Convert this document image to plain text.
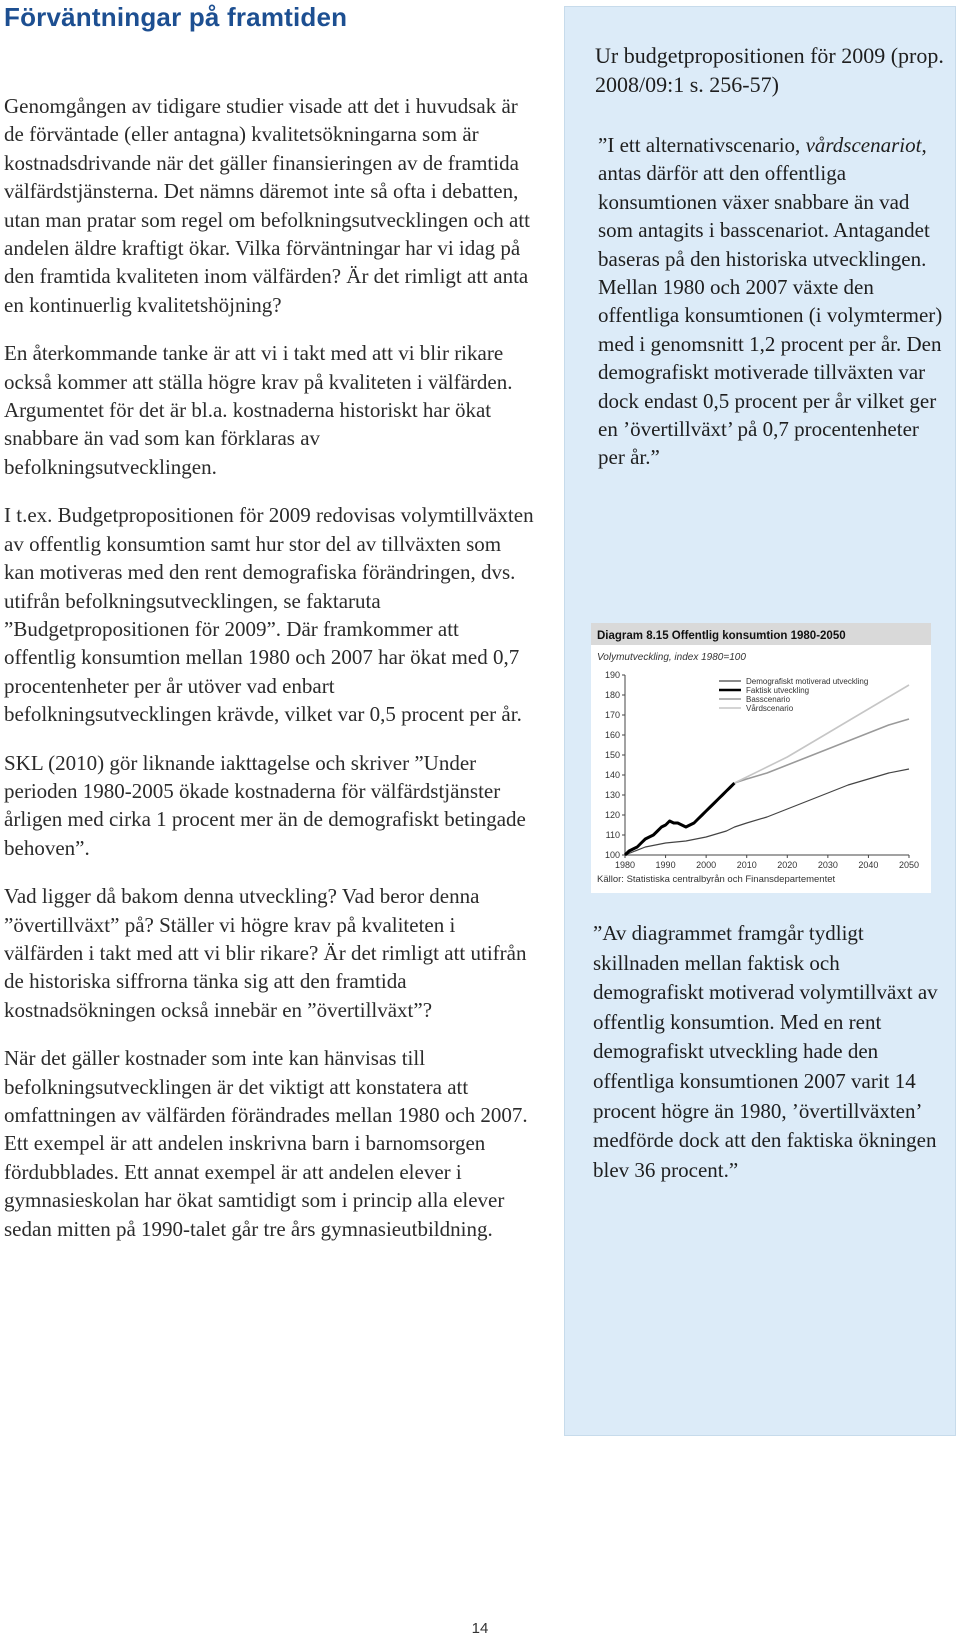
Förväntningar på framtiden

Genomgången av tidigare studier visade att det i huvudsak är de förväntade (eller antagna) kvalitetsökningarna som är kostnadsdrivande när det gäller finansieringen av de framtida välfärdstjänsterna. Det nämns däremot inte så ofta i debatten, utan man pratar som regel om befolkningsutvecklingen och att andelen äldre kraftigt ökar. Vilka förväntningar har vi idag på den framtida kvaliteten inom välfärden? Är det rimligt att anta en kontinuerlig kvalitetshöjning?

En återkommande tanke är att vi i takt med att vi blir rikare också kommer att ställa högre krav på kvaliteten i välfärden. Argumentet för det är bl.a. kostnaderna historiskt har ökat snabbare än vad som kan förklaras av befolkningsutvecklingen.

I t.ex. Budgetpropositionen för 2009 redovisas volymtillväxten av offentlig konsumtion samt hur stor del av tillväxten som kan motiveras med den rent demografiska förändringen, dvs. utifrån befolkningsutvecklingen, se faktaruta ”Budgetpropositionen för 2009”. Där framkommer att offentlig konsumtion mellan 1980 och 2007 har ökat med 0,7 procentenheter per år utöver vad enbart befolkningsutvecklingen krävde, vilket var 0,5 procent per år.

SKL (2010) gör liknande iakttagelse och skriver ”Under perioden 1980-2005 ökade kostnaderna för välfärdstjänster årligen med cirka 1 procent mer än de demografiskt betingade behoven”.

Vad ligger då bakom denna utveckling? Vad beror denna ”övertillväxt” på? Ställer vi högre krav på kvaliteten i välfärden i takt med att vi blir rikare? Är det rimligt att utifrån de historiska siffrorna tänka sig att den framtida kostnadsökningen också innebär en ”övertillväxt”?

När det gäller kostnader som inte kan hänvisas till befolkningsutvecklingen är det viktigt att konstatera att omfattningen av välfärden förändrades mellan 1980 och 2007. Ett exempel är att andelen inskrivna barn i barnomsorgen fördubblades. Ett annat exempel är att andelen elever i gymnasieskolan har ökat samtidigt som i princip alla elever sedan mitten på 1990-talet går tre års gymnasieutbildning.

Ur budgetpropositionen för 2009 (prop. 2008/09:1 s. 256-57)

”I ett alternativscenario, vårdscenariot, antas därför att den offentliga konsumtionen växer snabbare än vad som antagits i basscenariot. Antagandet baseras på den historiska utvecklingen. Mellan 1980 och 2007 växte den offentliga konsumtionen (i volymtermer) med i genomsnitt 1,2 procent per år. Den demografiskt motiverade tillväxten var dock endast 0,5 procent per år vilket ger en ’övertillväxt’ på 0,7 procentenheter per år.”

Diagram 8.15 Offentlig konsumtion 1980-2050
Volymutveckling, index 1980=100
100
110
120
130
140
150
160
170
180
190
1980 1990 2000 2010 2020 2030 2040 2050
Demografiskt motiverad utveckling
Faktisk utveckling
Basscenario
Vårdscenario
Källor: Statistiska centralbyrån och Finansdepartementet

”Av diagrammet framgår tydligt skillnaden mellan faktisk och demografiskt motiverad volymtillväxt av offentlig konsumtion. Med en rent demografiskt utveckling hade den offentliga konsumtionen 2007 varit 14 procent högre än 1980, ’övertillväxten’ medförde dock att den faktiska ökningen blev 36 procent.”

14
